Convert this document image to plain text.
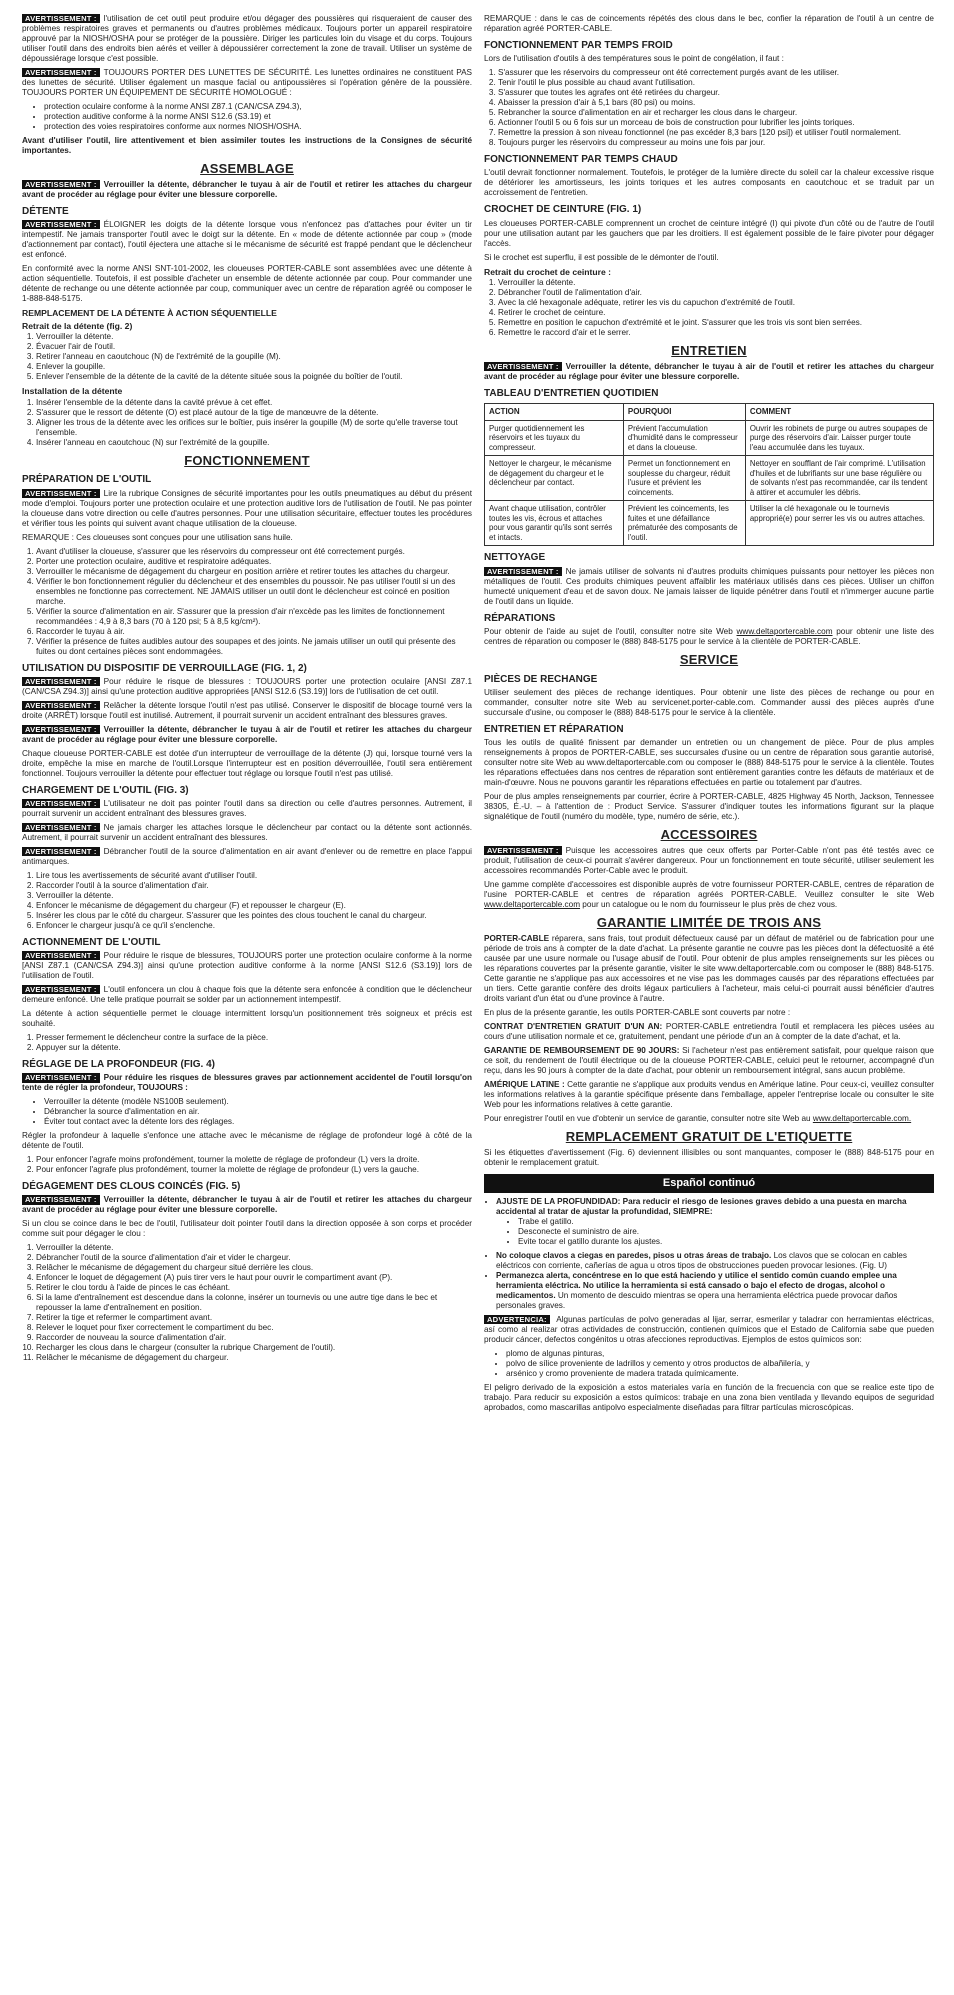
AVERTISSEMENT : l'utilisation de cet outil peut produire et/ou dégager des poussières qui risqueraient de causer des problèmes respiratoires graves et permanents ou d'autres problèmes médicaux. Toujours porter un appareil respiratoire approuvé par la NIOSH/OSHA pour se protéger de la poussière. Diriger les particules loin du visage et du corps. Toujours utiliser l'outil dans des endroits bien aérés et veiller à dépoussiérer correctement la zone de travail. Utiliser un système de dépoussiérage lorsque c'est possible.

AVERTISSEMENT : TOUJOURS PORTER DES LUNETTES DE SÉCURITÉ. Les lunettes ordinaires ne constituent PAS des lunettes de sécurité. Utiliser également un masque facial ou antipoussières si l'opération génère de la poussière. TOUJOURS PORTER UN ÉQUIPEMENT DE SÉCURITÉ HOMOLOGUÉ :

• protection oculaire conforme à la norme ANSI Z87.1 (CAN/CSA Z94.3),
• protection auditive conforme à la norme ANSI S12.6 (S3.19) et
• protection des voies respiratoires conforme aux normes NIOSH/OSHA.

Avant d'utiliser l'outil, lire attentivement et bien assimiler toutes les instructions de la Consignes de sécurité importantes.

ASSEMBLAGE

AVERTISSEMENT : Verrouiller la détente, débrancher le tuyau à air de l'outil et retirer les attaches du chargeur avant de procéder au réglage pour éviter une blessure corporelle.

DÉTENTE

AVERTISSEMENT : ÉLOIGNER les doigts de la détente lorsque vous n'enfoncez pas d'attaches pour éviter un tir intempestif. Ne jamais transporter l'outil avec le doigt sur la détente. En « mode de détente actionnée par coup » (mode d'actionnement par contact), l'outil éjectera une attache si le mécanisme de sécurité est frappé pendant que le déclencheur est enfoncé.

En conformité avec la norme ANSI SNT-101-2002, les cloueuses PORTER-CABLE sont assemblées avec une détente à action séquentielle. Toutefois, il est possible d'acheter un ensemble de détente actionnée par coup. Pour commander une détente de rechange ou une détente actionnée par coup, communiquer avec un centre de réparation agréé ou composer le 1-888-848-5175.

REMPLACEMENT DE LA DÉTENTE À ACTION SÉQUENTIELLE
Retrait de la détente (fig. 2)
1. Verrouiller la détente.
2. Évacuer l'air de l'outil.
3. Retirer l'anneau en caoutchouc (N) de l'extrémité de la goupille (M).
4. Enlever la goupille.
5. Enlever l'ensemble de la détente de la cavité de la détente située sous la poignée du boîtier de l'outil.
Installation de la détente
1. Insérer l'ensemble de la détente dans la cavité prévue à cet effet.
2. S'assurer que le ressort de détente (O) est placé autour de la tige de manœuvre de la détente.
3. Aligner les trous de la détente avec les orifices sur le boîtier, puis insérer la goupille (M) de sorte qu'elle traverse tout l'ensemble.
4. Insérer l'anneau en caoutchouc (N) sur l'extrémité de la goupille.
FONCTIONNEMENT
PRÉPARATION DE L'OUTIL

AVERTISSEMENT : Lire la rubrique Consignes de sécurité importantes pour les outils pneumatiques au début du présent mode d'emploi. Toujours porter une protection oculaire et une protection auditive lors de l'utilisation de l'outil. Ne pas pointer la cloueuse dans votre direction ou celle d'autres personnes. Pour une utilisation sécuritaire, effectuer toutes les procédures et vérifier tous les points qui suivent avant chaque utilisation de la cloueuse.

REMARQUE : Ces cloueuses sont conçues pour une utilisation sans huile.

1. Avant d'utiliser la cloueuse, s'assurer que les réservoirs du compresseur ont été correctement purgés.
2. Porter une protection oculaire, auditive et respiratoire adéquates.
3. Verrouiller le mécanisme de dégagement du chargeur en position arrière et retirer toutes les attaches du chargeur.
4. Vérifier le bon fonctionnement régulier du déclencheur et des ensembles du poussoir. Ne pas utiliser l'outil si un des ensembles ne fonctionne pas correctement. NE JAMAIS utiliser un outil dont le déclencheur est coincé en position marche.
5. Vérifier la source d'alimentation en air. S'assurer que la pression d'air n'excède pas les limites de fonctionnement recommandées : 4,9 à 8,3 bars (70 à 120 psi; 5 à 8,5 kg/cm²).
6. Raccorder le tuyau à air.
7. Vérifier la présence de fuites audibles autour des soupapes et des joints. Ne jamais utiliser un outil qui présente des fuites ou dont certaines pièces sont endommagées.
UTILISATION DU DISPOSITIF DE VERROUILLAGE (FIG. 1, 2)

AVERTISSEMENT : Pour réduire le risque de blessures : TOUJOURS porter une protection oculaire [ANSI Z87.1 (CAN/CSA Z94.3)] ainsi qu'une protection auditive appropriées [ANSI S12.6 (S3.19)] lors de l'utilisation de cet outil.

AVERTISSEMENT : Relâcher la détente lorsque l'outil n'est pas utilisé. Conserver le dispositif de blocage tourné vers la droite (ARRÊT) lorsque l'outil est inutilisé. Autrement, il pourrait survenir un accident entraînant des blessures graves.

AVERTISSEMENT : Verrouiller la détente, débrancher le tuyau à air de l'outil et retirer les attaches du chargeur avant de procéder au réglage pour éviter une blessure corporelle.

Chaque cloueuse PORTER-CABLE est dotée d'un interrupteur de verrouillage de la détente (J) qui, lorsque tourné vers la droite, empêche la mise en marche de l'outil.Lorsque l'interrupteur est en position déverrouillée, l'outil sera entièrement fonctionnel. Toujours verrouiller la détente pour effectuer tout réglage ou lorsque l'outil n'est pas utilisé.

CHARGEMENT DE L'OUTIL (FIG. 3)

AVERTISSEMENT : L'utilisateur ne doit pas pointer l'outil dans sa direction ou celle d'autres personnes. Autrement, il pourrait survenir un accident entraînant des blessures graves.

AVERTISSEMENT : Ne jamais charger les attaches lorsque le déclencheur par contact ou la détente sont actionnés. Autrement, il pourrait survenir un accident entraînant des blessures.

AVERTISSEMENT : Débrancher l'outil de la source d'alimentation en air avant d'enlever ou de remettre en place l'appui antimarques.

1. Lire tous les avertissements de sécurité avant d'utiliser l'outil.
2. Raccorder l'outil à la source d'alimentation d'air.
3. Verrouiller la détente.
4. Enfoncer le mécanisme de dégagement du chargeur (F) et repousser le chargeur (E).
5. Insérer les clous par le côté du chargeur. S'assurer que les pointes des clous touchent le canal du chargeur.
6. Enfoncer le chargeur jusqu'à ce qu'il s'enclenche.
ACTIONNEMENT DE L'OUTIL

AVERTISSEMENT : Pour réduire le risque de blessures, TOUJOURS porter une protection oculaire conforme à la norme [ANSI Z87.1 (CAN/CSA Z94.3)] ainsi qu'une protection auditive conforme à la norme [ANSI S12.6 (S3.19)] lors de l'utilisation de l'outil.

AVERTISSEMENT : L'outil enfoncera un clou à chaque fois que la détente sera enfoncée à condition que le déclencheur demeure enfoncé. Une telle pratique pourrait se solder par un actionnement intempestif.

La détente à action séquentielle permet le clouage intermittent lorsqu'un positionnement très soigneux et précis est souhaité.

1. Presser fermement le déclencheur contre la surface de la pièce.
2. Appuyer sur la détente.
RÉGLAGE DE LA PROFONDEUR (FIG. 4)

AVERTISSEMENT : Pour réduire les risques de blessures graves par actionnement accidentel de l'outil lorsqu'on tente de régler la profondeur, TOUJOURS :

• Verrouiller la détente (modèle NS100B seulement).
• Débrancher la source d'alimentation en air.
• Éviter tout contact avec la détente lors des réglages.

Régler la profondeur à laquelle s'enfonce une attache avec le mécanisme de réglage de profondeur logé à côté de la détente de l'outil.

1. Pour enfoncer l'agrafe moins profondément, tourner la molette de réglage de profondeur (L) vers la droite.
2. Pour enfoncer l'agrafe plus profondément, tourner la molette de réglage de profondeur (L) vers la gauche.
DÉGAGEMENT DES CLOUS COINCÉS (FIG. 5)

AVERTISSEMENT : Verrouiller la détente, débrancher le tuyau à air de l'outil et retirer les attaches du chargeur avant de procéder au réglage pour éviter une blessure corporelle.

Si un clou se coince dans le bec de l'outil, l'utilisateur doit pointer l'outil dans la direction opposée à son corps et procéder comme suit pour dégager le clou :

1. Verrouiller la détente.
2. Débrancher l'outil de la source d'alimentation d'air et vider le chargeur.
3. Relâcher le mécanisme de dégagement du chargeur situé derrière les clous.
4. Enfoncer le loquet de dégagement (A) puis tirer vers le haut pour ouvrir le compartiment avant (P).
5. Retirer le clou tordu à l'aide de pinces le cas échéant.
6. Si la lame d'entraînement est descendue dans la colonne, insérer un tournevis ou une autre tige dans le bec et repousser la lame d'entraînement en position.
7. Retirer la tige et refermer le compartiment avant.
8. Relever le loquet pour fixer correctement le compartiment du bec.
9. Raccorder de nouveau la source d'alimentation d'air.
10. Recharger les clous dans le chargeur (consulter la rubrique Chargement de l'outil).
11. Relâcher le mécanisme de dégagement du chargeur.

REMARQUE : dans le cas de coincements répétés des clous dans le bec, confier la réparation de l'outil à un centre de réparation agréé PORTER-CABLE.

FONCTIONNEMENT PAR TEMPS FROID

Lors de l'utilisation d'outils à des températures sous le point de congélation, il faut :

1. S'assurer que les réservoirs du compresseur ont été correctement purgés avant de les utiliser.
2. Tenir l'outil le plus possible au chaud avant l'utilisation.
3. S'assurer que toutes les agrafes ont été retirées du chargeur.
4. Abaisser la pression d'air à 5,1 bars (80 psi) ou moins.
5. Rebrancher la source d'alimentation en air et recharger les clous dans le chargeur.
6. Actionner l'outil 5 ou 6 fois sur un morceau de bois de construction pour lubrifier les joints toriques.
7. Remettre la pression à son niveau fonctionnel (ne pas excéder 8,3 bars [120 psi]) et utiliser l'outil normalement.
8. Toujours purger les réservoirs du compresseur au moins une fois par jour.
FONCTIONNEMENT PAR TEMPS CHAUD

L'outil devrait fonctionner normalement. Toutefois, le protéger de la lumière directe du soleil car la chaleur excessive risque de détériorer les amortisseurs, les joints toriques et les autres composants en caoutchouc et se traduit par un accroissement de l'entretien.

CROCHET DE CEINTURE (FIG. 1)

Les cloueuses PORTER-CABLE comprennent un crochet de ceinture intégré (I) qui pivote d'un côté ou de l'autre de l'outil pour une utilisation autant par les gauchers que par les droitiers. Il est également possible de le faire pivoter pour dégager l'accès.

Si le crochet est superflu, il est possible de le démonter de l'outil.

Retrait du crochet de ceinture :
1. Verrouiller la détente.
2. Débrancher l'outil de l'alimentation d'air.
3. Avec la clé hexagonale adéquate, retirer les vis du capuchon d'extrémité de l'outil.
4. Retirer le crochet de ceinture.
5. Remettre en position le capuchon d'extrémité et le joint. S'assurer que les trois vis sont bien serrées.
6. Remettre le raccord d'air et le serrer.
ENTRETIEN

AVERTISSEMENT : Verrouiller la détente, débrancher le tuyau à air de l'outil et retirer les attaches du chargeur avant de procéder au réglage pour éviter une blessure corporelle.

TABLEAU D'ENTRETIEN QUOTIDIEN
ACTION	POURQUOI	COMMENT
Purger quotidiennement les réservoirs et les tuyaux du compresseur.	Prévient l'accumulation d'humidité dans le compresseur et dans la cloueuse.	Ouvrir les robinets de purge ou autres soupapes de purge des réservoirs d'air. Laisser purger toute l'eau accumulée dans les tuyaux.
Nettoyer le chargeur, le mécanisme de dégagement du chargeur et le déclencheur par contact.	Permet un fonctionnement en souplesse du chargeur, réduit l'usure et prévient les coincements.	Nettoyer en soufflant de l'air comprimé. L'utilisation d'huiles et de lubrifiants sur une base régulière ou de solvants n'est pas recommandée, car ils tendent à attirer et accumuler les débris.
Avant chaque utilisation, contrôler toutes les vis, écrous et attaches pour vous garantir qu'ils sont serrés et intacts.	Prévient les coincements, les fuites et une défaillance prématurée des composants de l'outil.	Utiliser la clé hexagonale ou le tournevis approprié(e) pour serrer les vis ou autres attaches.
NETTOYAGE

AVERTISSEMENT : Ne jamais utiliser de solvants ni d'autres produits chimiques puissants pour nettoyer les pièces non métalliques de l'outil. Ces produits chimiques peuvent affaiblir les matériaux utilisés dans ces pièces. Utiliser un chiffon humecté uniquement d'eau et de savon doux. Ne jamais laisser de liquide pénétrer dans l'outil et n'immerger aucune partie de l'outil dans un liquide.

RÉPARATIONS

Pour obtenir de l'aide au sujet de l'outil, consulter notre site Web www.deltaportercable.com pour obtenir une liste des centres de réparation ou composer le (888) 848-5175 pour le service à la clientèle de PORTER-CABLE.

SERVICE
PIÈCES DE RECHANGE

Utiliser seulement des pièces de rechange identiques. Pour obtenir une liste des pièces de rechange ou pour en commander, consulter notre site Web au servicenet.porter-cable.com. Commander aussi des pièces auprès d'une succursale d'usine, ou composer le (888) 848-5175 pour le service à la clientèle.

ENTRETIEN ET RÉPARATION

Tous les outils de qualité finissent par demander un entretien ou un changement de pièce. Pour de plus amples renseignements à propos de PORTER-CABLE, ses succursales d'usine ou un centre de réparation sous garantie autorisé, consulter notre site Web au www.deltaportercable.com ou composer le (888) 848-5175 pour le service à la clientèle. Toutes les réparations effectuées dans nos centres de réparation sont entièrement garanties contre les défauts de matériaux et de main-d'œuvre. Nous ne pouvons garantir les réparations effectuées en partie ou totalement par d'autres.

Pour de plus amples renseignements par courrier, écrire à PORTER-CABLE, 4825 Highway 45 North, Jackson, Tennessee 38305, É.-U. – à l'attention de : Product Service. S'assurer d'indiquer toutes les informations figurant sur la plaque signalétique de l'outil (numéro du modèle, type, numéro de série, etc.).

ACCESSOIRES

AVERTISSEMENT : Puisque les accessoires autres que ceux offerts par Porter-Cable n'ont pas été testés avec ce produit, l'utilisation de ceux-ci pourrait s'avérer dangereux. Pour un fonctionnement en toute sécurité, utiliser seulement les accessoires recommandés Porter-Cable avec le produit.

Une gamme complète d'accessoires est disponible auprès de votre fournisseur PORTER-CABLE, centres de réparation de l'usine PORTER-CABLE et centres de réparation agréés PORTER-CABLE. Veuillez consulter le site Web www.deltaportercable.com pour un catalogue ou le nom du fournisseur le plus près de chez vous.

GARANTIE LIMITÉE DE TROIS ANS

PORTER-CABLE réparera, sans frais, tout produit défectueux causé par un défaut de matériel ou de fabrication pour une période de trois ans à compter de la date d'achat. La présente garantie ne couvre pas les pièces dont la défectuosité a été causée par une usure normale ou l'usage abusif de l'outil. Pour obtenir de plus amples renseignements sur les pièces ou les réparations couvertes par la présente garantie, visiter le site www.deltaportercable.com ou composer le (888) 848-5175. Cette garantie ne s'applique pas aux accessoires et ne vise pas les dommages causés par des réparations effectuées par un tiers. Cette garantie confère des droits légaux particuliers à l'acheteur, mais celui-ci pourrait aussi bénéficier d'autres droits variant d'un état ou d'une province à l'autre.

En plus de la présente garantie, les outils PORTER-CABLE sont couverts par notre :

CONTRAT D'ENTRETIEN GRATUIT D'UN AN: PORTER-CABLE entretiendra l'outil et remplacera les pièces usées au cours d'une utilisation normale et ce, gratuitement, pendant une période d'un an à compter de la date d'achat, et la.

GARANTIE DE REMBOURSEMENT DE 90 JOURS: Si l'acheteur n'est pas entièrement satisfait, pour quelque raison que ce soit, du rendement de l'outil électrique ou de la cloueuse PORTER-CABLE, celuici peut le retourner, accompagné d'un reçu, dans les 90 jours à compter de la date d'achat, pour obtenir un remboursement intégral, sans aucun problème.

AMÉRIQUE LATINE : Cette garantie ne s'applique aux produits vendus en Amérique latine. Pour ceux-ci, veuillez consulter les informations relatives à la garantie spécifique présente dans l'emballage, appeler l'entreprise locale ou consulter le site Web pour les informations relatives à cette garantie.

Pour enregistrer l'outil en vue d'obtenir un service de garantie, consulter notre site Web au www.deltaportercable.com.

REMPLACEMENT GRATUIT DE L'ETIQUETTE

Si les étiquettes d'avertissement (Fig. 6) deviennent illisibles ou sont manquantes, composer le (888) 848-5175 pour en obtenir le remplacement gratuit.

Español continuó
• AJUSTE DE LA PROFUNDIDAD: Para reducir el riesgo de lesiones graves debido a una puesta en marcha accidental al tratar de ajustar la profundidad, SIEMPRE:
• Trabe el gatillo.
• Desconecte el suministro de aire.
• Evite tocar el gatillo durante los ajustes.
• No coloque clavos a ciegas en paredes, pisos u otras áreas de trabajo. Los clavos que se colocan en cables eléctricos con corriente, cañerías de agua u otros tipos de obstrucciones pueden provocar lesiones. (Fig. U)
• Permanezca alerta, concéntrese en lo que está haciendo y utilice el sentido común cuando emplee una herramienta eléctrica. No utilice la herramienta si está cansado o bajo el efecto de drogas, alcohol o medicamentos. Un momento de descuido mientras se opera una herramienta eléctrica puede provocar daños personales graves.

ADVERTENCIA: Algunas partículas de polvo generadas al lijar, serrar, esmerilar y taladrar con herramientas eléctricas, así como al realizar otras actividades de construcción, contienen químicos que el Estado de California sabe que pueden producir cáncer, defectos congénitos u otras afecciones reproductivas. Ejemplos de estos químicos son:

• plomo de algunas pinturas,
• polvo de sílice proveniente de ladrillos y cemento y otros productos de albañilería, y
• arsénico y cromo proveniente de madera tratada químicamente.

El peligro derivado de la exposición a estos materiales varía en función de la frecuencia con que se realice este tipo de trabajo. Para reducir su exposición a estos químicos: trabaje en una zona bien ventilada y llevando equipos de seguridad aprobados, como mascarillas antipolvo especialmente diseñadas para filtrar partículas microscópicas.
